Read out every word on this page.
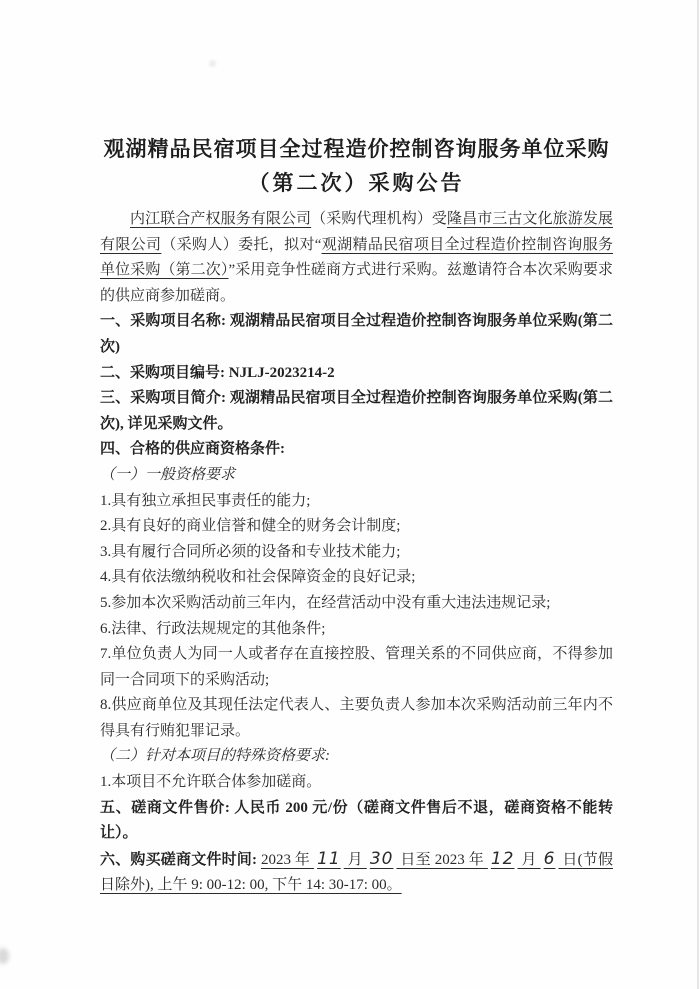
观湖精品民宿项目全过程造价控制咨询服务单位采购
（第二次）采购公告

内江联合产权服务有限公司（采购代理机构）受隆昌市三古文化旅游发展有限公司（采购人）委托，拟对“观湖精品民宿项目全过程造价控制咨询服务单位采购（第二次）”采用竞争性磋商方式进行采购。兹邀请符合本次采购要求的供应商参加磋商。

一、采购项目名称: 观湖精品民宿项目全过程造价控制咨询服务单位采购(第二次)

二、采购项目编号: NJLJ-2023214-2

三、采购项目简介: 观湖精品民宿项目全过程造价控制咨询服务单位采购(第二次), 详见采购文件。

四、合格的供应商资格条件:

（一）一般资格要求

1.具有独立承担民事责任的能力;

2.具有良好的商业信誉和健全的财务会计制度;

3.具有履行合同所必须的设备和专业技术能力;

4.具有依法缴纳税收和社会保障资金的良好记录;

5.参加本次采购活动前三年内，在经营活动中没有重大违法违规记录;

6.法律、行政法规规定的其他条件;

7.单位负责人为同一人或者存在直接控股、管理关系的不同供应商，不得参加同一合同项下的采购活动;

8.供应商单位及其现任法定代表人、主要负责人参加本次采购活动前三年内不得具有行贿犯罪记录。

（二）针对本项目的特殊资格要求:

1.本项目不允许联合体参加磋商。

五、磋商文件售价: 人民币 200 元/份（磋商文件售后不退，磋商资格不能转让）。

六、购买磋商文件时间: 2023 年 11 月 30 日至 2023 年 12 月 6 日(节假日除外), 上午 9: 00-12: 00, 下午 14: 30-17: 00。
